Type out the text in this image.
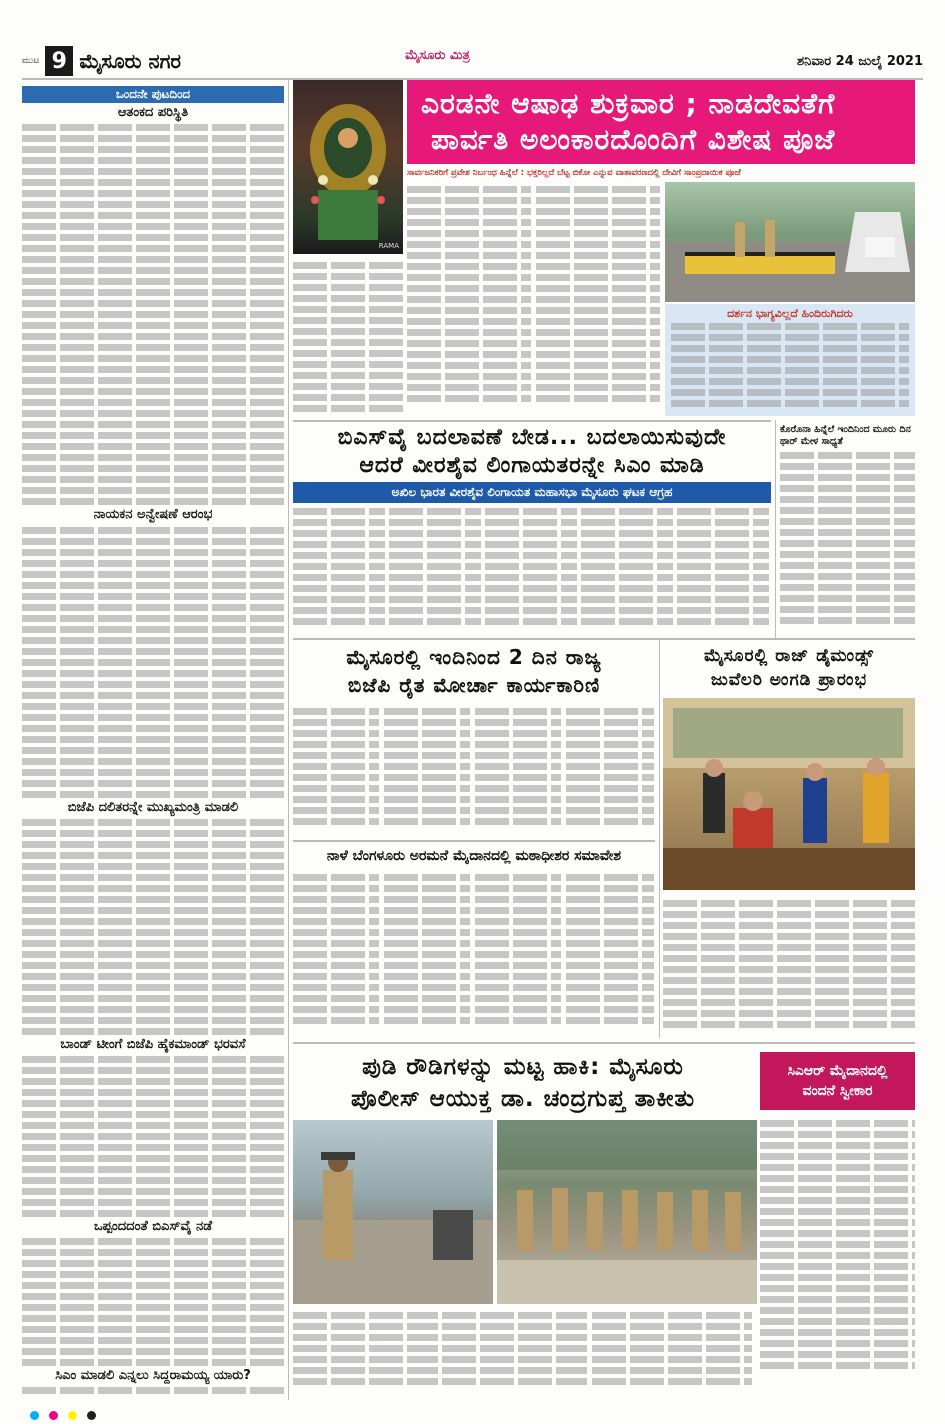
ಮುಟ 9 ಮೈಸೂರು ನಗರ	ಶನಿವಾರ 24 ಜುಲೈ 2021
ಮೈಸೂರು ಮಿತ್ರ
ಒಂದನೇ ಪುಟದಿಂದ
ಆತಂಕದ ಪರಿಸ್ಥಿತಿ
ನಾಯಕನ ಅನ್ವೇಷಣೆ ಆರಂಭ
ಬಿಜೆಪಿ ದಲಿತರನ್ನೇ ಮುಖ್ಯಮಂತ್ರಿ ಮಾಡಲಿ
ಬಾಂಡ್ ಟೀಂಗೆ ಬಿಜೆಪಿ ಹೈಕಮಾಂಡ್ ಭರವಸೆ
ಒಪ್ಪಂದದಂತೆ ಬಿಎಸ್‌ವೈ ನಡೆ
ಸಿಎಂ ಮಾಡಲಿ ಎನ್ನಲು ಸಿದ್ದರಾಮಯ್ಯ ಯಾರು?
RAMA
ಎರಡನೇ ಆಷಾಢ ಶುಕ್ರವಾರ ; ನಾಡದೇವತೆಗೆ
ಪಾರ್ವತಿ ಅಲಂಕಾರದೊಂದಿಗೆ ವಿಶೇಷ ಪೂಜೆ
ಸಾರ್ವಜನಿಕರಿಗೆ ಪ್ರವೇಶ ನಿರ್ಬಂಧ ಹಿನ್ನೆಲೆ : ಭಕ್ತರಿಲ್ಲದೆ ಬೆಟ್ಟ ಬಿಕೋ ಎನ್ನುವ ವಾತಾವರಣದಲ್ಲಿ ದೇವಿಗೆ ಸಾಂಪ್ರದಾಯಿಕ ಪೂಜೆ
ದರ್ಶನ ಭಾಗ್ಯವಿಲ್ಲದೆ ಹಿಂದಿರುಗಿದರು
ಬಿಎಸ್‌ವೈ ಬದಲಾವಣೆ ಬೇಡ... ಬದಲಾಯಿಸುವುದೇ
ಆದರೆ ವೀರಶೈವ ಲಿಂಗಾಯತರನ್ನೇ ಸಿಎಂ ಮಾಡಿ
ಅಖಿಲ ಭಾರತ ವೀರಶೈವ ಲಿಂಗಾಯತ ಮಹಾಸಭಾ ಮೈಸೂರು ಘಟಕ ಆಗ್ರಹ
ಕೊರೊನಾ ಹಿನ್ನೆಲೆ ಇಂದಿನಿಂದ ಮೂರು ದಿನ ಥಾರ್ ಮೇಳ ಸಾಧ್ಯತೆ
ಮೈಸೂರಲ್ಲಿ ಇಂದಿನಿಂದ 2 ದಿನ ರಾಜ್ಯ
ಬಿಜೆಪಿ ರೈತ ಮೋರ್ಚಾ ಕಾರ್ಯಕಾರಿಣಿ
ಮೈಸೂರಲ್ಲಿ ರಾಜ್ ಡೈಮಂಡ್ಸ್
ಜುವೆಲರಿ ಅಂಗಡಿ ಪ್ರಾರಂಭ
ನಾಳೆ ಬೆಂಗಳೂರು ಅರಮನೆ ಮೈದಾನದಲ್ಲಿ ಮಠಾಧೀಶರ ಸಮಾವೇಶ
ಪುಡಿ ರೌಡಿಗಳನ್ನು ಮಟ್ಟ ಹಾಕಿ: ಮೈಸೂರು
ಪೊಲೀಸ್ ಆಯುಕ್ತ ಡಾ. ಚಂದ್ರಗುಪ್ತ ತಾಕೀತು
ಸಿಎಆರ್ ಮೈದಾನದಲ್ಲಿ
ವಂದನೆ ಸ್ವೀಕಾರ
